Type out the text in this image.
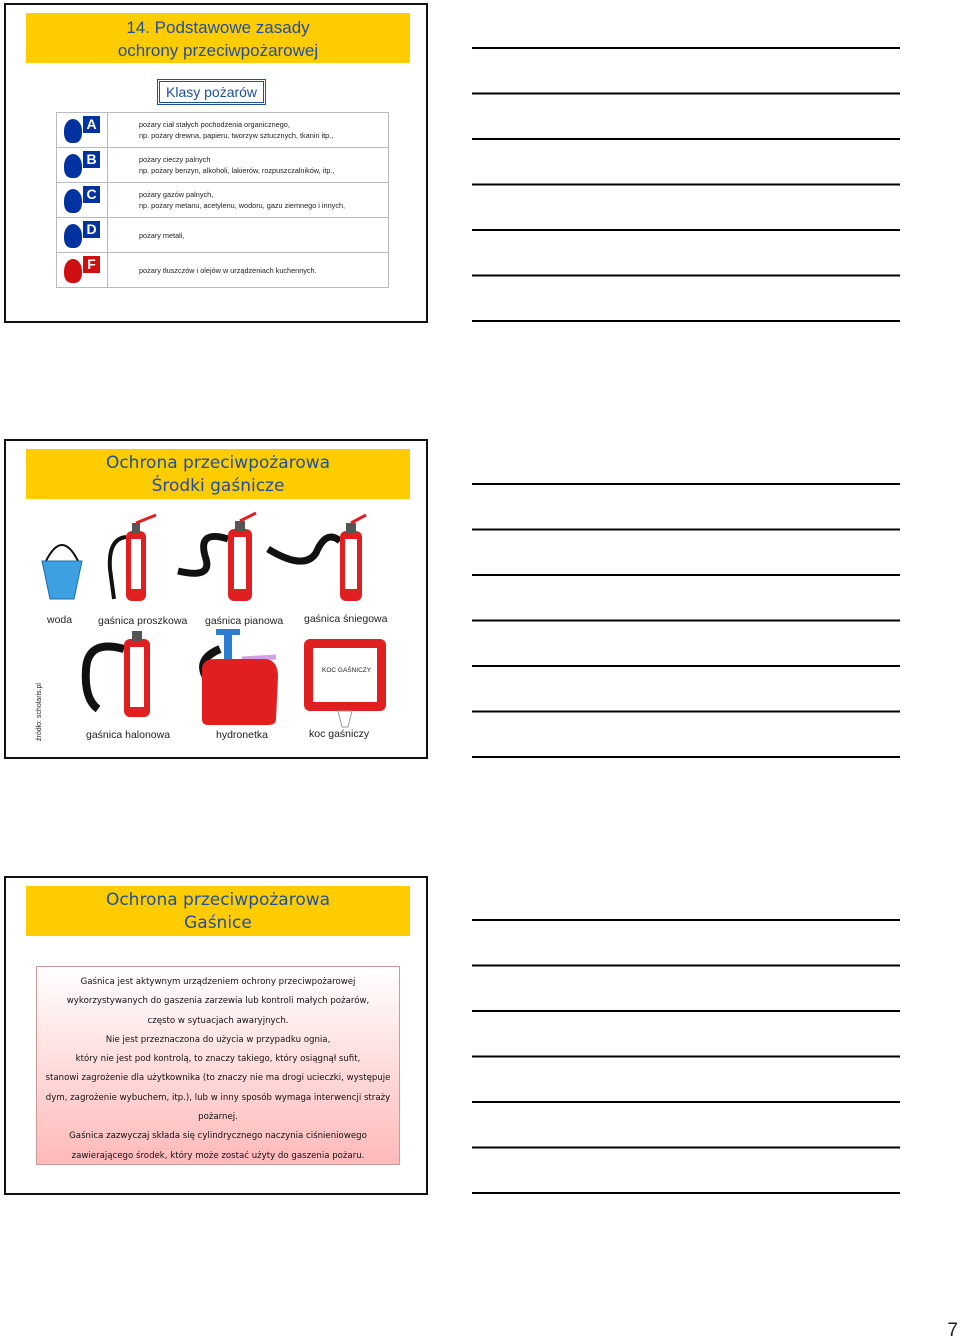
14. Podstawowe zasady
ochrony przeciwpożarowej
Klasy pożarów
A	pożary ciał stałych pochodzenia organicznego,
np. pożary drewna, papieru, tworzyw sztucznych, tkanin itp.,

B	pożary cieczy palnych
np. pożary benzyn, alkoholi, lakierów, rozpuszczalników, itp.,

C	pożary gazów palnych,
np. pożary metanu, acetylenu, wodoru, gazu ziemnego i innych,

D	pożary metali,

F	pożary tłuszczów i olejów w urządzeniach kuchennych.
Ochrona przeciwpożarowa
Środki gaśnicze
KOC GAŚNICZY
woda gaśnica proszkowa gaśnica pianowa gaśnica śniegowa
gaśnica halonowa	hydronetka	koc gaśniczy
źródło: scholaris.pl
Ochrona przeciwpożarowa
Gaśnice
Gaśnica jest aktywnym urządzeniem ochrony przeciwpożarowej
wykorzystywanych do gaszenia zarzewia lub kontroli małych pożarów,
często w sytuacjach awaryjnych.
Nie jest przeznaczona do użycia w przypadku ognia,
który nie jest pod kontrolą, to znaczy takiego, który osiągnął sufit,
stanowi zagrożenie dla użytkownika (to znaczy nie ma drogi ucieczki, występuje
dym, zagrożenie wybuchem, itp.), lub w inny sposób wymaga interwencji straży
pożarnej.
Gaśnica zazwyczaj składa się cylindrycznego naczynia ciśnieniowego
zawierającego środek, który może zostać użyty do gaszenia pożaru.
7
